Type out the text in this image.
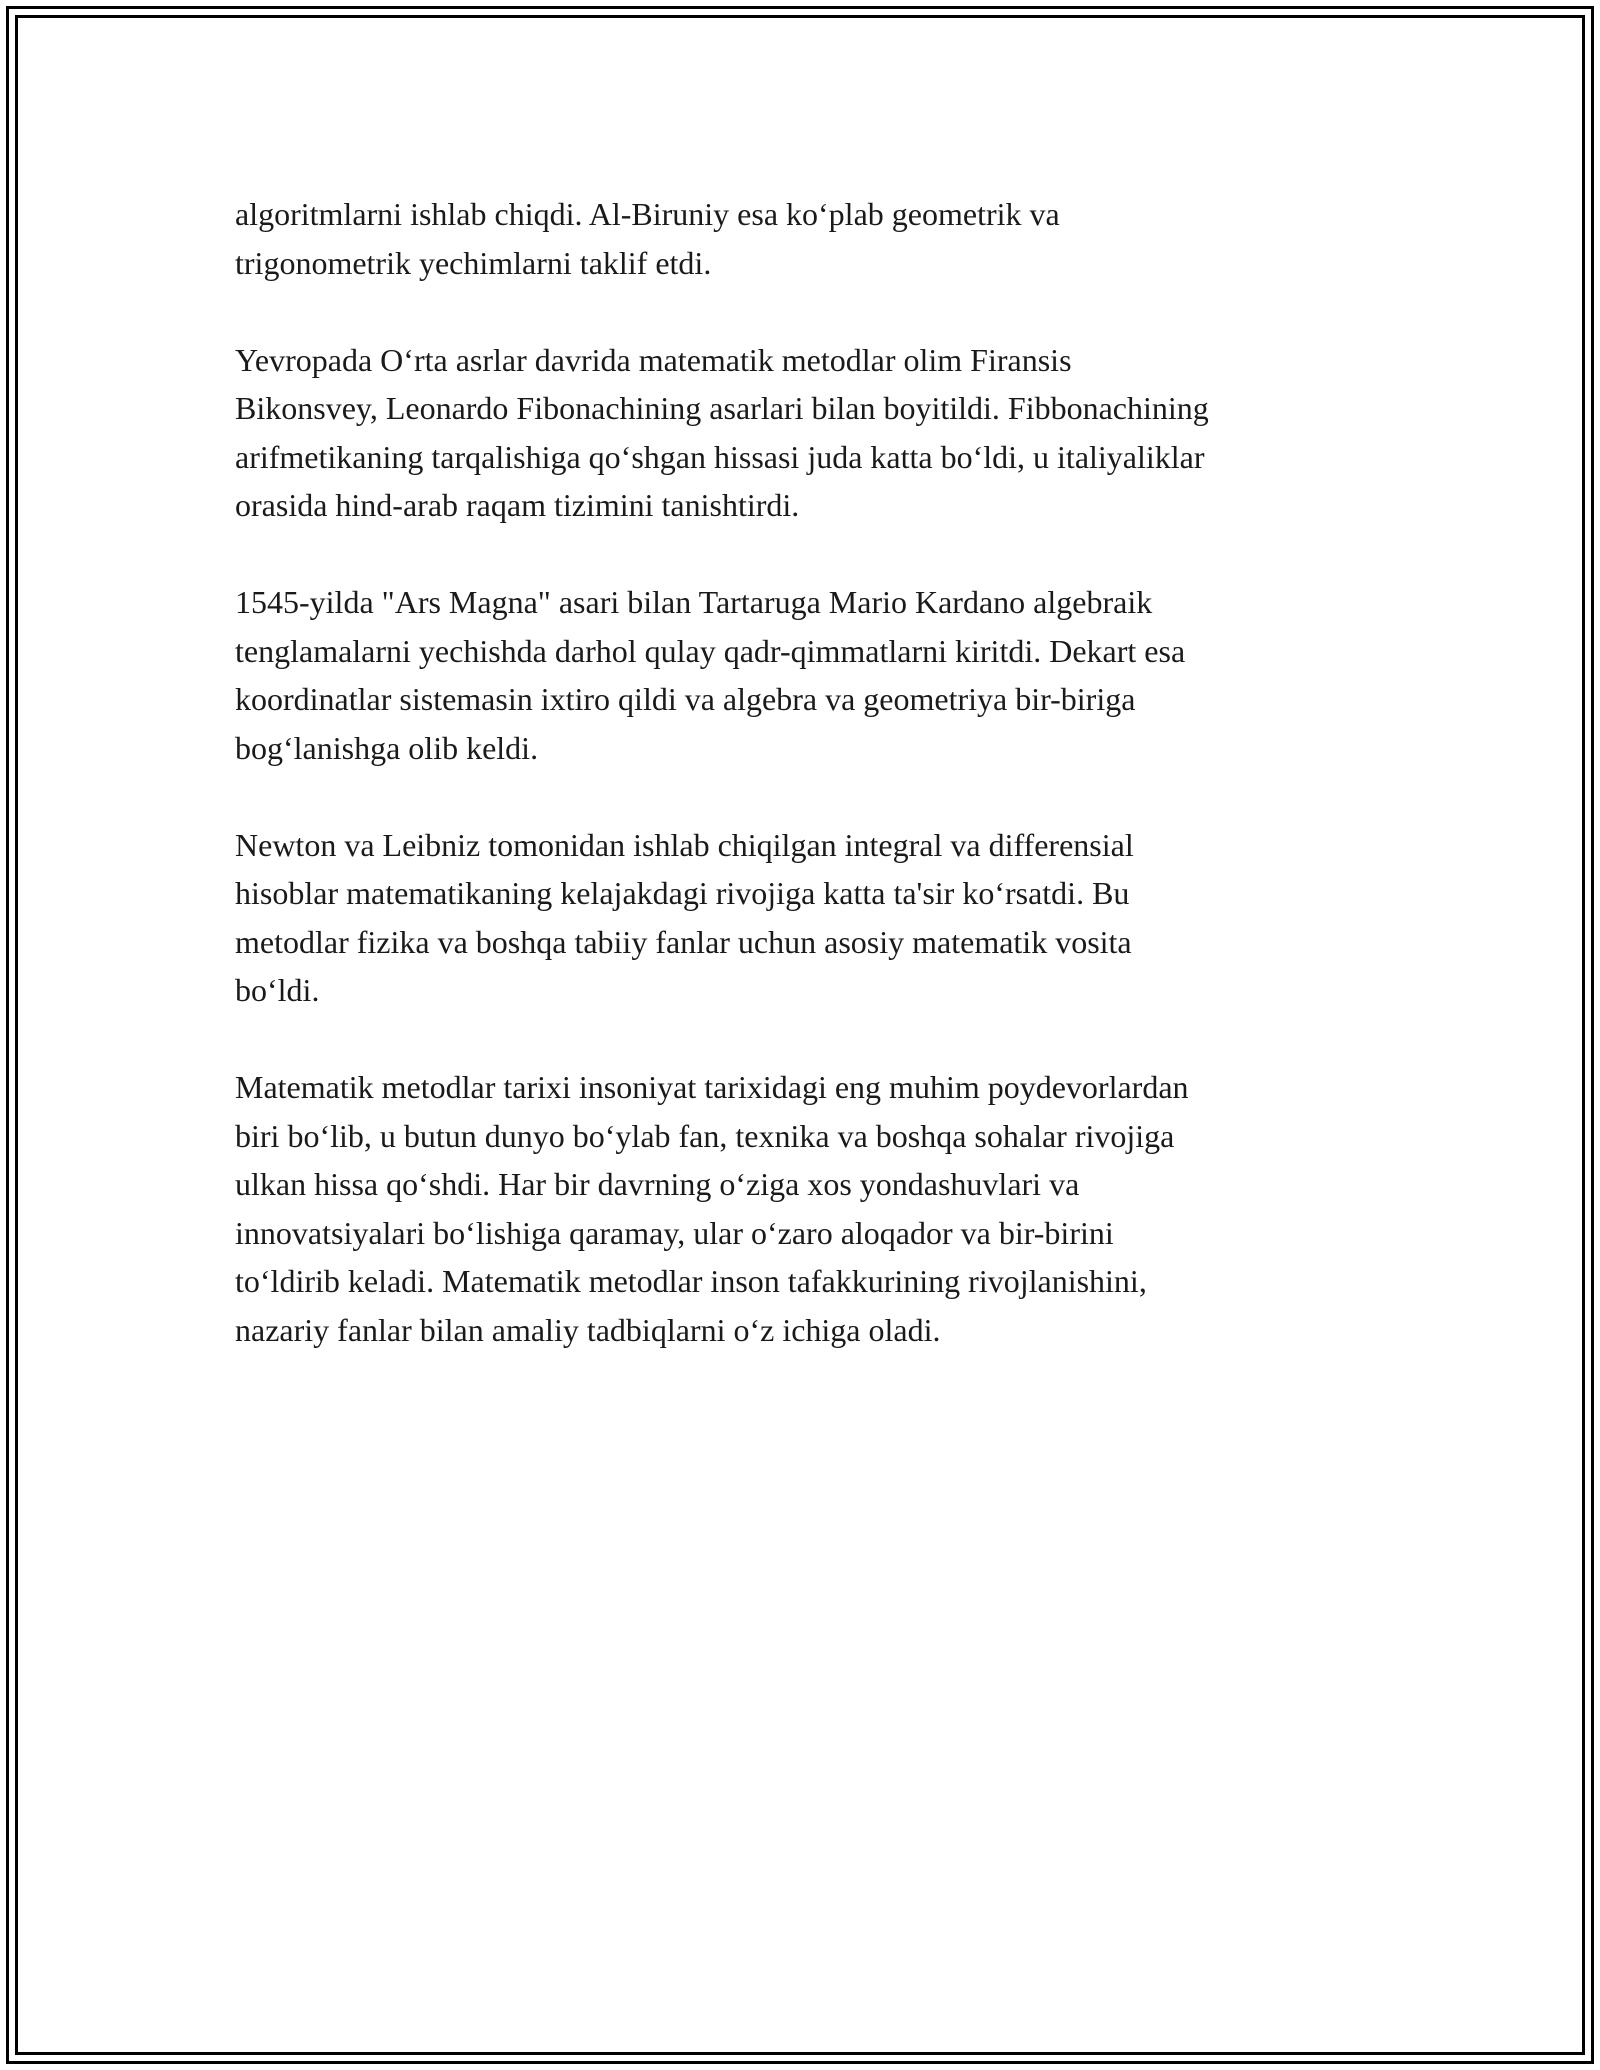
algoritmlarni ishlab chiqdi. Al-Biruniy esa ko‘plab geometrik va
trigonometrik yechimlarni taklif etdi.

Yevropada O‘rta asrlar davrida matematik metodlar olim Firansis
Bikonsvey, Leonardo Fibonachining asarlari bilan boyitildi. Fibbonachining
arifmetikaning tarqalishiga qo‘shgan hissasi juda katta bo‘ldi, u italiyaliklar
orasida hind-arab raqam tizimini tanishtirdi.

1545-yilda "Ars Magna" asari bilan Tartaruga Mario Kardano algebraik
tenglamalarni yechishda darhol qulay qadr-qimmatlarni kiritdi. Dekart esa
koordinatlar sistemasin ixtiro qildi va algebra va geometriya bir-biriga
bog‘lanishga olib keldi.

Newton va Leibniz tomonidan ishlab chiqilgan integral va differensial
hisoblar matematikaning kelajakdagi rivojiga katta ta'sir ko‘rsatdi. Bu
metodlar fizika va boshqa tabiiy fanlar uchun asosiy matematik vosita
bo‘ldi.

Matematik metodlar tarixi insoniyat tarixidagi eng muhim poydevorlardan
biri bo‘lib, u butun dunyo bo‘ylab fan, texnika va boshqa sohalar rivojiga
ulkan hissa qo‘shdi. Har bir davrning o‘ziga xos yondashuvlari va
innovatsiyalari bo‘lishiga qaramay, ular o‘zaro aloqador va bir-birini
to‘ldirib keladi. Matematik metodlar inson tafakkurining rivojlanishini,
nazariy fanlar bilan amaliy tadbiqlarni o‘z ichiga oladi.
